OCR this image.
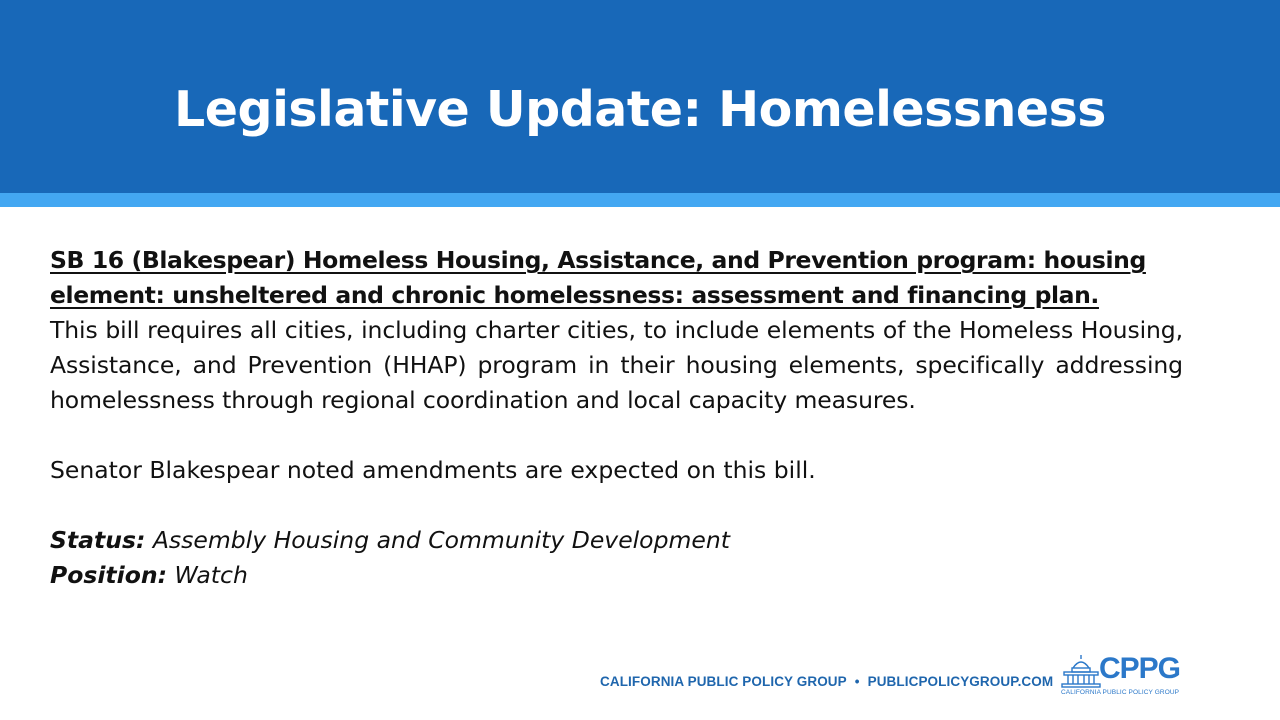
Legislative Update: Homelessness
SB 16 (Blakespear) Homeless Housing, Assistance, and Prevention program: housing element: unsheltered and chronic homelessness: assessment and financing plan.
This bill requires all cities, including charter cities, to include elements of the Homeless Housing, Assistance, and Prevention (HHAP) program in their housing elements, specifically addressing homelessness through regional coordination and local capacity measures.
Senator Blakespear noted amendments are expected on this bill.
Status: Assembly Housing and Community Development
Position: Watch
CALIFORNIA PUBLIC POLICY GROUP • PUBLICPOLICYGROUP.COM CPPG
CALIFORNIA PUBLIC POLICY GROUP
